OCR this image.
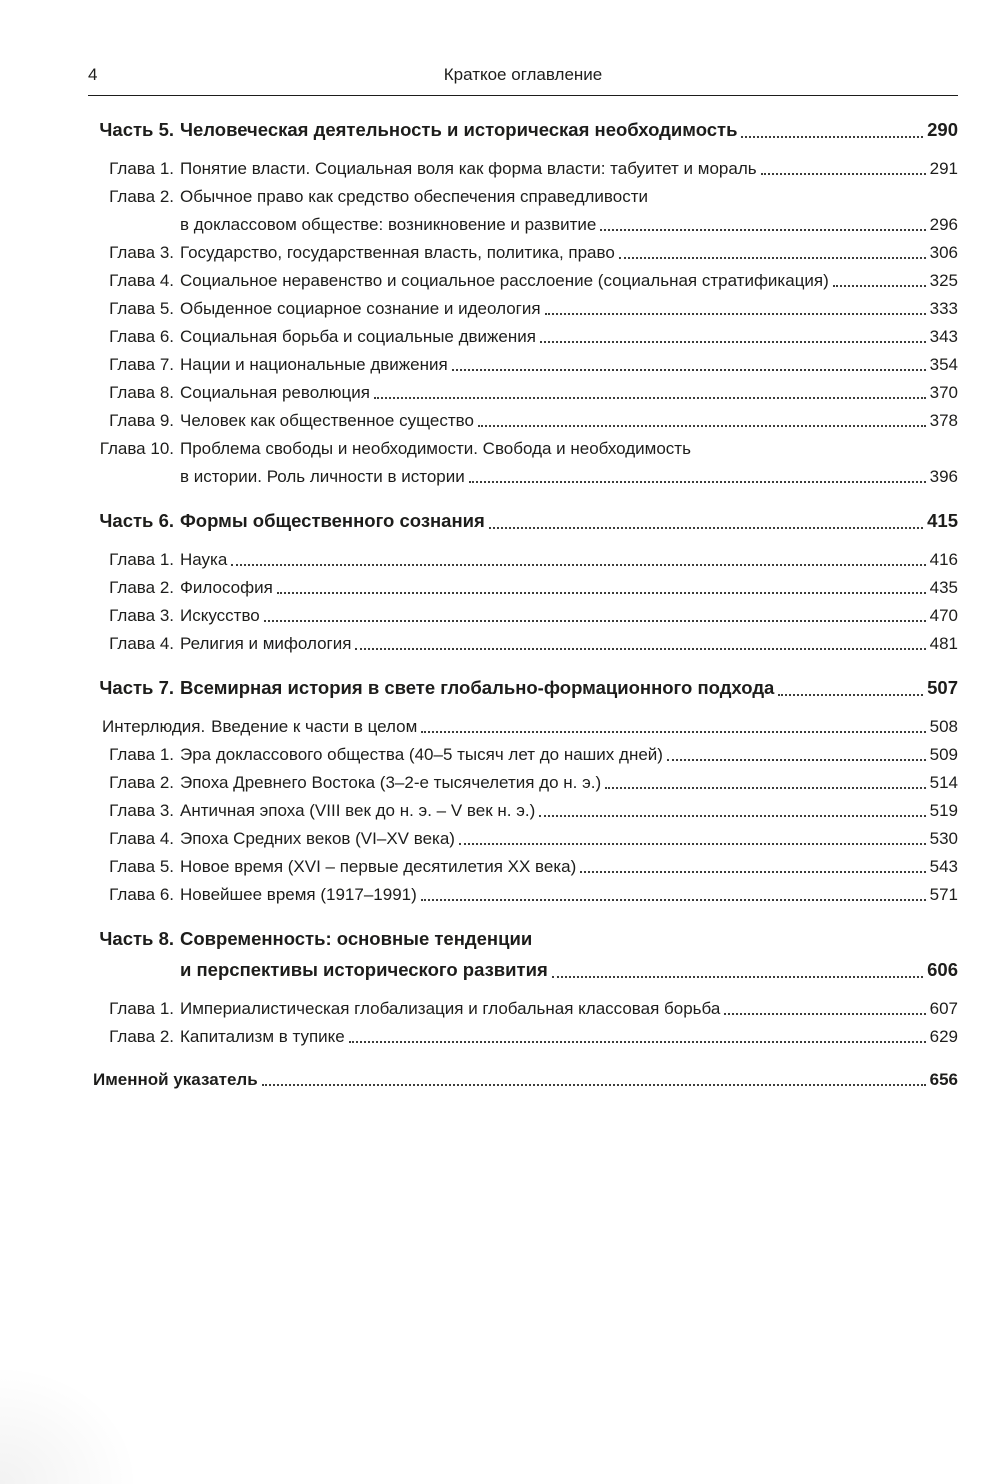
4	Краткое оглавление
Часть 5. Человеческая деятельность и историческая необходимость	290
Глава 1. Понятие власти. Социальная воля как форма власти: табуитет и мораль	291
Глава 2. Обычное право как средство обеспечения справедливости
в доклассовом обществе: возникновение и развитие	296
Глава 3. Государство, государственная власть, политика, право	306
Глава 4. Социальное неравенство и социальное расслоение (социальная стратификация)	325
Глава 5. Обыденное социарное сознание и идеология	333
Глава 6. Социальная борьба и социальные движения	343
Глава 7. Нации и национальные движения	354
Глава 8. Социальная революция	370
Глава 9. Человек как общественное существо	378
Глава 10. Проблема свободы и необходимости. Свобода и необходимость
в истории. Роль личности в истории	396
Часть 6. Формы общественного сознания	415
Глава 1. Наука	416
Глава 2. Философия	435
Глава 3. Искусство	470
Глава 4. Религия и мифология	481
Часть 7. Всемирная история в свете глобально-формационного подхода	507
Интерлюдия. Введение к части в целом	508
Глава 1. Эра доклассового общества (40–5 тысяч лет до наших дней)	509
Глава 2. Эпоха Древнего Востока (3–2-е тысячелетия до н. э.)	514
Глава 3. Античная эпоха (VIII век до н. э. – V век н. э.)	519
Глава 4. Эпоха Средних веков (VI–XV века)	530
Глава 5. Новое время (XVI – первые десятилетия XX века)	543
Глава 6. Новейшее время (1917–1991)	571
Часть 8. Современность: основные тенденции
и перспективы исторического развития	606
Глава 1. Империалистическая глобализация и глобальная классовая борьба	607
Глава 2. Капитализм в тупике	629
Именной указатель	656
